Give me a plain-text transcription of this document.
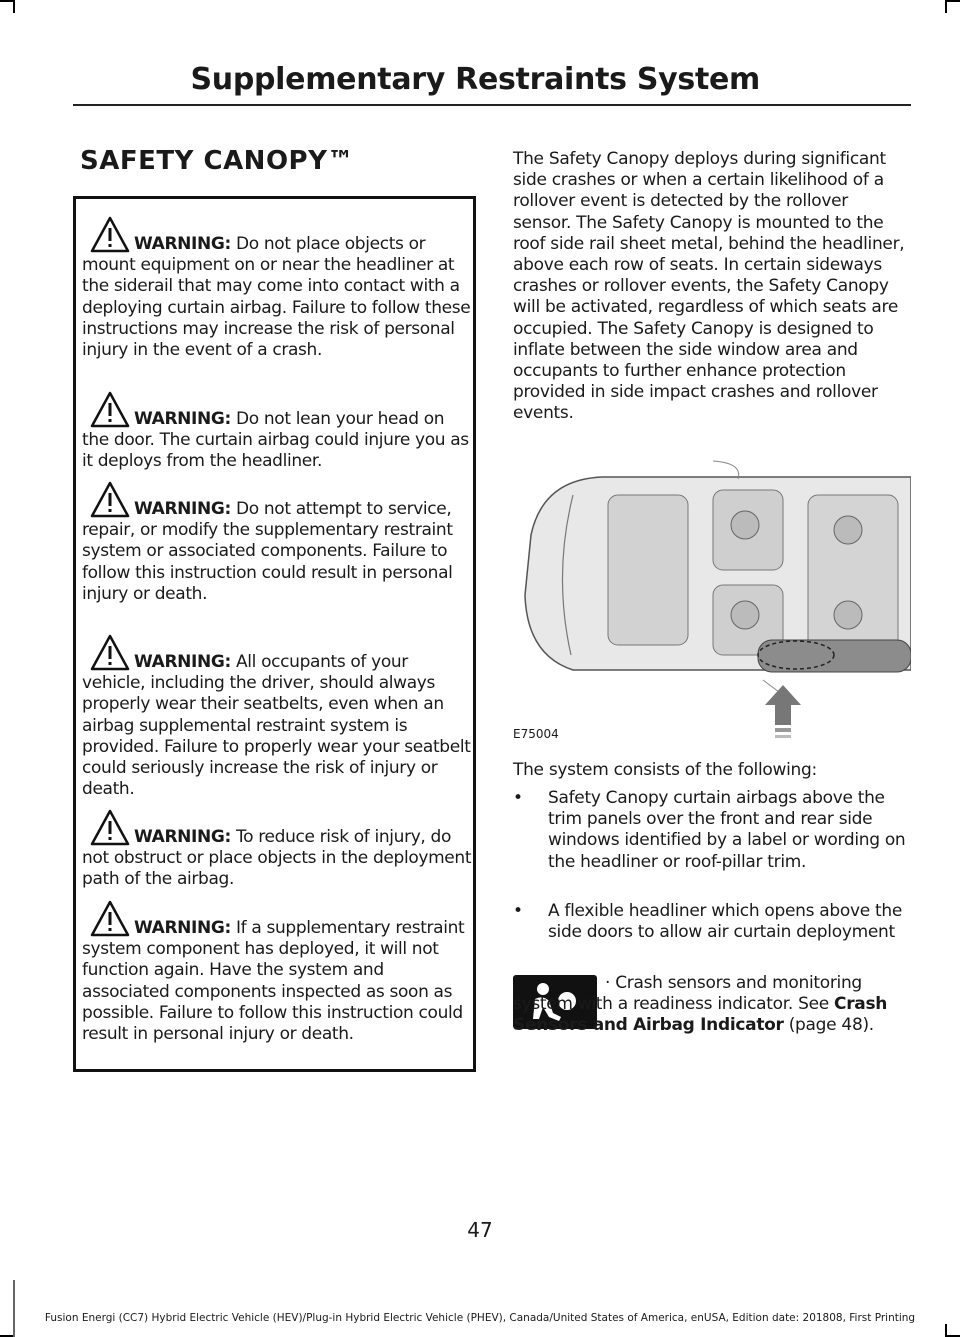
Supplementary Restraints System
SAFETY CANOPY™
WARNING: Do not place objects or mount equipment on or near the headliner at the siderail that may come into contact with a deploying curtain airbag. Failure to follow these instructions may increase the risk of personal injury in the event of a crash.
WARNING: Do not lean your head on the door. The curtain airbag could injure you as it deploys from the headliner.
WARNING: Do not attempt to service, repair, or modify the supplementary restraint system or associated components. Failure to follow this instruction could result in personal injury or death.
WARNING: All occupants of your vehicle, including the driver, should always properly wear their seatbelts, even when an airbag supplemental restraint system is provided. Failure to properly wear your seatbelt could seriously increase the risk of injury or death.
WARNING: To reduce risk of injury, do not obstruct or place objects in the deployment path of the airbag.
WARNING: If a supplementary restraint system component has deployed, it will not function again. Have the system and associated components inspected as soon as possible. Failure to follow this instruction could result in personal injury or death.
The Safety Canopy deploys during significant side crashes or when a certain likelihood of a rollover event is detected by the rollover sensor. The Safety Canopy is mounted to the roof side rail sheet metal, behind the headliner, above each row of seats. In certain sideways crashes or rollover events, the Safety Canopy will be activated, regardless of which seats are occupied. The Safety Canopy is designed to inflate between the side window area and occupants to further enhance protection provided in side impact crashes and rollover events.
E75004
The system consists of the following:
• Safety Canopy curtain airbags above the trim panels over the front and rear side windows identified by a label or wording on the headliner or roof-pillar trim.
• A flexible headliner which opens above the side doors to allow air curtain deployment
· Crash sensors and monitoring system with a readiness indicator. See Crash Sensors and Airbag Indicator (page 48).
47
Fusion Energi (CC7) Hybrid Electric Vehicle (HEV)/Plug-in Hybrid Electric Vehicle (PHEV), Canada/United States of America, enUSA, Edition date: 201808, First Printing
